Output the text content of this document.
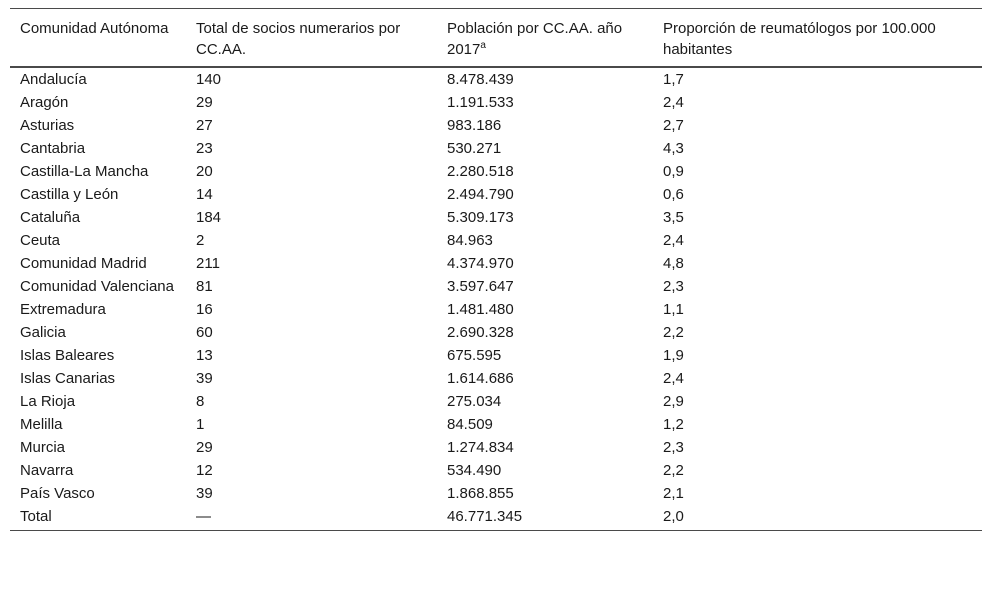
Comunidad Autónoma	Total de socios numerarios por CC.AA.	Población por CC.AA. año 2017$^a$	Proporción de reumatólogos por 100.000 habitantes
Andalucía	140	8.478.439	1,7
Aragón	29	1.191.533	2,4
Asturias	27	983.186	2,7
Cantabria	23	530.271	4,3
Castilla-La Mancha	20	2.280.518	0,9
Castilla y León	14	2.494.790	0,6
Cataluña	184	5.309.173	3,5
Ceuta	2	84.963	2,4
Comunidad Madrid	211	4.374.970	4,8
Comunidad Valenciana	81	3.597.647	2,3
Extremadura	16	1.481.480	1,1
Galicia	60	2.690.328	2,2
Islas Baleares	13	675.595	1,9
Islas Canarias	39	1.614.686	2,4
La Rioja	8	275.034	2,9
Melilla	1	84.509	1,2
Murcia	29	1.274.834	2,3
Navarra	12	534.490	2,2
País Vasco	39	1.868.855	2,1
Total	—	46.771.345	2,0
